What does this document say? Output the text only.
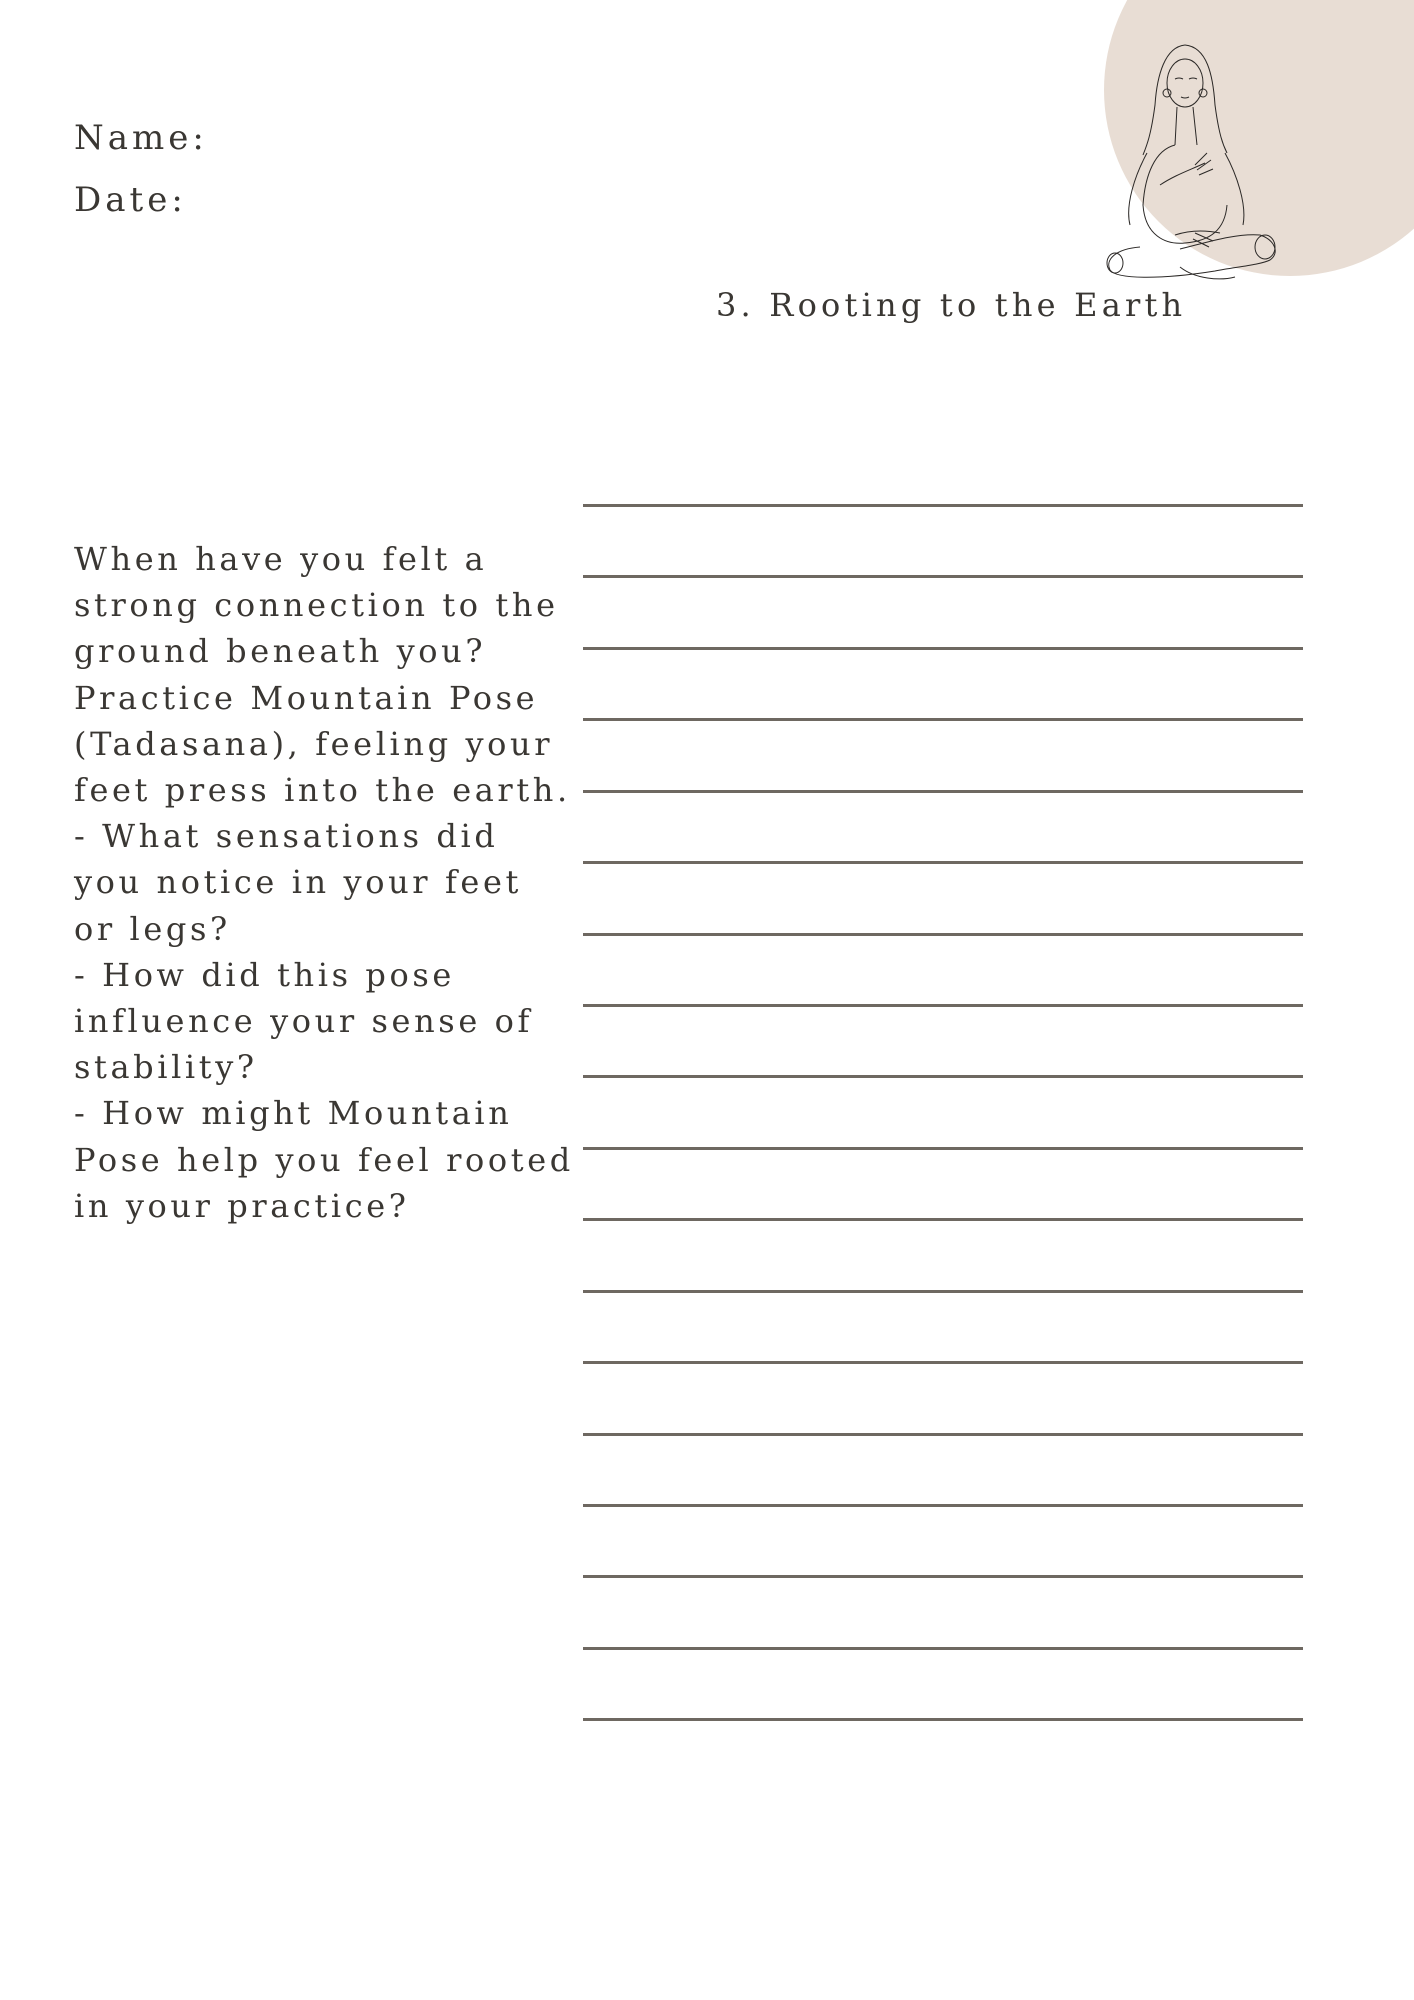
Name:
Date:
3. Rooting to the Earth
When have you felt a strong connection to the ground beneath you? Practice Mountain Pose (Tadasana), feeling your feet press into the earth.
- What sensations did you notice in your feet or legs?
- How did this pose influence your sense of stability?
- How might Mountain Pose help you feel rooted in your practice?
